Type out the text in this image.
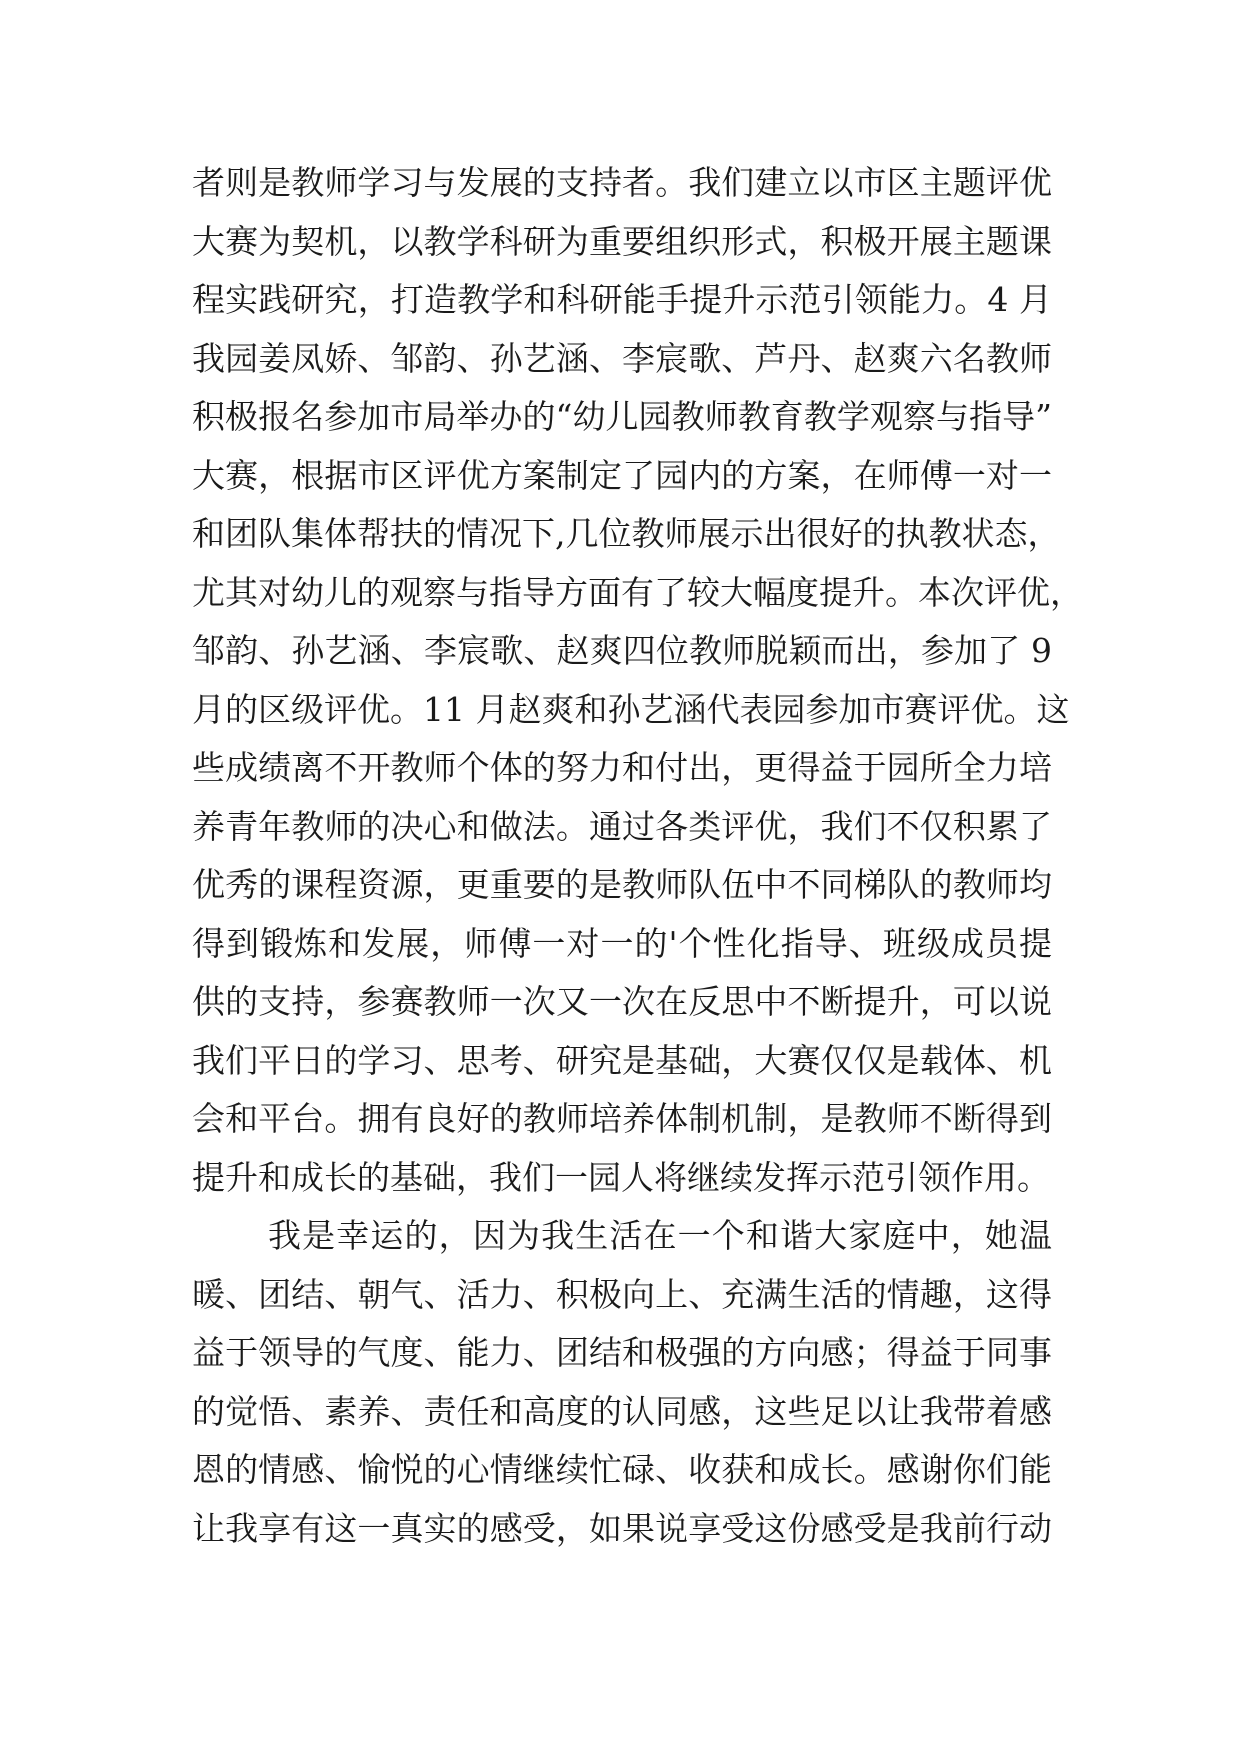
者则是教师学习与发展的支持者。我们建立以市区主题评优
大赛为契机，以教学科研为重要组织形式，积极开展主题课
程实践研究，打造教学和科研能手提升示范引领能力。4 月
我园姜凤娇、邹韵、孙艺涵、李宸歌、芦丹、赵爽六名教师
积极报名参加市局举办的“幼儿园教师教育教学观察与指导”
大赛，根据市区评优方案制定了园内的方案，在师傅一对一
和团队集体帮扶的情况下,几位教师展示出很好的执教状态，
尤其对幼儿的观察与指导方面有了较大幅度提升。本次评优，
邹韵、孙艺涵、李宸歌、赵爽四位教师脱颖而出，参加了 9
月的区级评优。11 月赵爽和孙艺涵代表园参加市赛评优。这
些成绩离不开教师个体的努力和付出，更得益于园所全力培
养青年教师的决心和做法。通过各类评优，我们不仅积累了
优秀的课程资源，更重要的是教师队伍中不同梯队的教师均
得到锻炼和发展，师傅一对一的'个性化指导、班级成员提
供的支持，参赛教师一次又一次在反思中不断提升，可以说
我们平日的学习、思考、研究是基础，大赛仅仅是载体、机
会和平台。拥有良好的教师培养体制机制，是教师不断得到
提升和成长的基础，我们一园人将继续发挥示范引领作用。
我是幸运的，因为我生活在一个和谐大家庭中，她温
暖、团结、朝气、活力、积极向上、充满生活的情趣，这得
益于领导的气度、能力、团结和极强的方向感；得益于同事
的觉悟、素养、责任和高度的认同感，这些足以让我带着感
恩的情感、愉悦的心情继续忙碌、收获和成长。感谢你们能
让我享有这一真实的感受，如果说享受这份感受是我前行动
